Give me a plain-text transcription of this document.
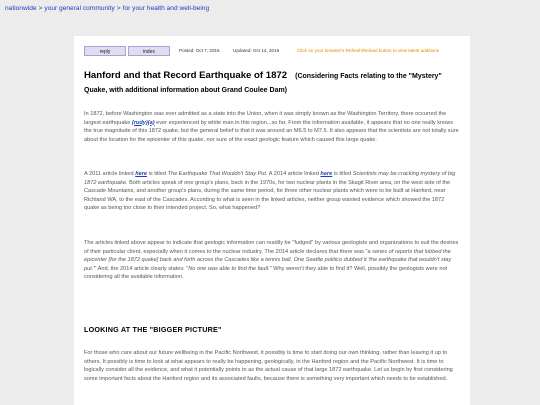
nationwide > your general community > for your health and well-being
reply	index	Posted: Oct 7, 2016	Updated: Oct 14, 2016	Click on your browser's Refresh/Reload button to view latest additions
Hanford and that Record Earthquake of 1872 (Considering Facts relating to the "Mystery" Quake, with additional information about Grand Coulee Dam)

In 1872, before Washington was ever admitted as a state into the Union, when it was simply known as the Washington Territory, there occurred the largest earthquake (rudy)(a) ever experienced by white man in this region...so far. From the information available, it appears that no one really knows the true magnitude of this 1872 quake, but the general belief is that it was around an M6.5 to M7.5. It also appears that the scientists are not totally sure about the location for the epicenter of this quake, nor sure of the exact geologic feature which caused this large quake.

A 2011 article linked here is titled The Earthquake That Wouldn't Stay Put. A 2014 article linked here is titled Scientists may be cracking mystery of big 1872 earthquake. Both articles speak of one group's plans, back in the 1970s, for two nuclear plants in the Skagit River area, on the west side of the Cascade Mountains, and another group's plans, during the same time period, for three other nuclear plants which were to be built at Hanford, near Richland WA, to the east of the Cascades. According to what is seen in the linked articles, neither group wanted evidence which showed the 1872 quake as being too close to their intended project. So, what happened?

The articles linked above appear to indicate that geologic information can readily be "fudged" by various geologists and organizations to suit the desires of their particular client, especially when it comes to the nuclear industry. The 2014 article declares that there was "a series of reports that lobbed the epicenter [for the 1872 quake] back and forth across the Cascades like a tennis ball. One Seattle politico dubbed it 'the earthquake that wouldn't stay put.'" And, the 2014 article clearly states: "No one was able to find the fault." Why weren't they able to find it? Well, possibly the geologists were not considering all the available information.

LOOKING AT THE "BIGGER PICTURE"

For those who care about our future wellbeing in the Pacific Northwest, it possibly is time to start doing our own thinking, rather than leaving it up to others. It possibly is time to look at what appears to really be happening, geologically, in the Hanford region and the Pacific Northwest. It is time to logically consider all the evidence, and what it potentially points to as the actual cause of that large 1872 earthquake. Let us begin by first considering some important facts about the Hanford region and its associated faults, because there is something very important which needs to be established.
